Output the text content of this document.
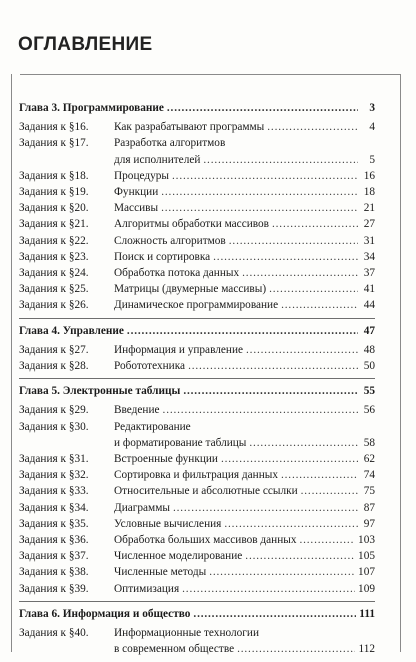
ОГЛАВЛЕНИЕ
Глава 3. Программирование . . .	3
Задания к §16.	Как разрабатывают программы . . .	4
Задания к §17.	Разработка алгоритмов
для исполнителей . . .	5
Задания к §18.	Процедуры . . .	16
Задания к §19.	Функции . . .	18
Задания к §20.	Массивы . . .	21
Задания к §21.	Алгоритмы обработки массивов . . .	27
Задания к §22.	Сложность алгоритмов . . .	31
Задания к §23.	Поиск и сортировка . . .	34
Задания к §24.	Обработка потока данных . . .	37
Задания к §25.	Матрицы (двумерные массивы) . . .	41
Задания к §26.	Динамическое программирование . . .	44
Глава 4. Управление . . .	47
Задания к §27.	Информация и управление . . .	48
Задания к §28.	Робототехника . . .	50
Глава 5. Электронные таблицы . . .	55
Задания к §29.	Введение . . .	56
Задания к §30.	Редактирование
и форматирование таблицы . . .	58
Задания к §31.	Встроенные функции . . .	62
Задания к §32.	Сортировка и фильтрация данных . . .	74
Задания к §33.	Относительные и абсолютные ссылки . . .	75
Задания к §34.	Диаграммы . . .	87
Задания к §35.	Условные вычисления . . .	97
Задания к §36.	Обработка больших массивов данных . . .	103
Задания к §37.	Численное моделирование . . .	105
Задания к §38.	Численные методы . . .	107
Задания к §39.	Оптимизация . . .	109
Глава 6. Информация и общество . . .	111
Задания к §40.	Информационные технологии
в современном обществе . . .	112
